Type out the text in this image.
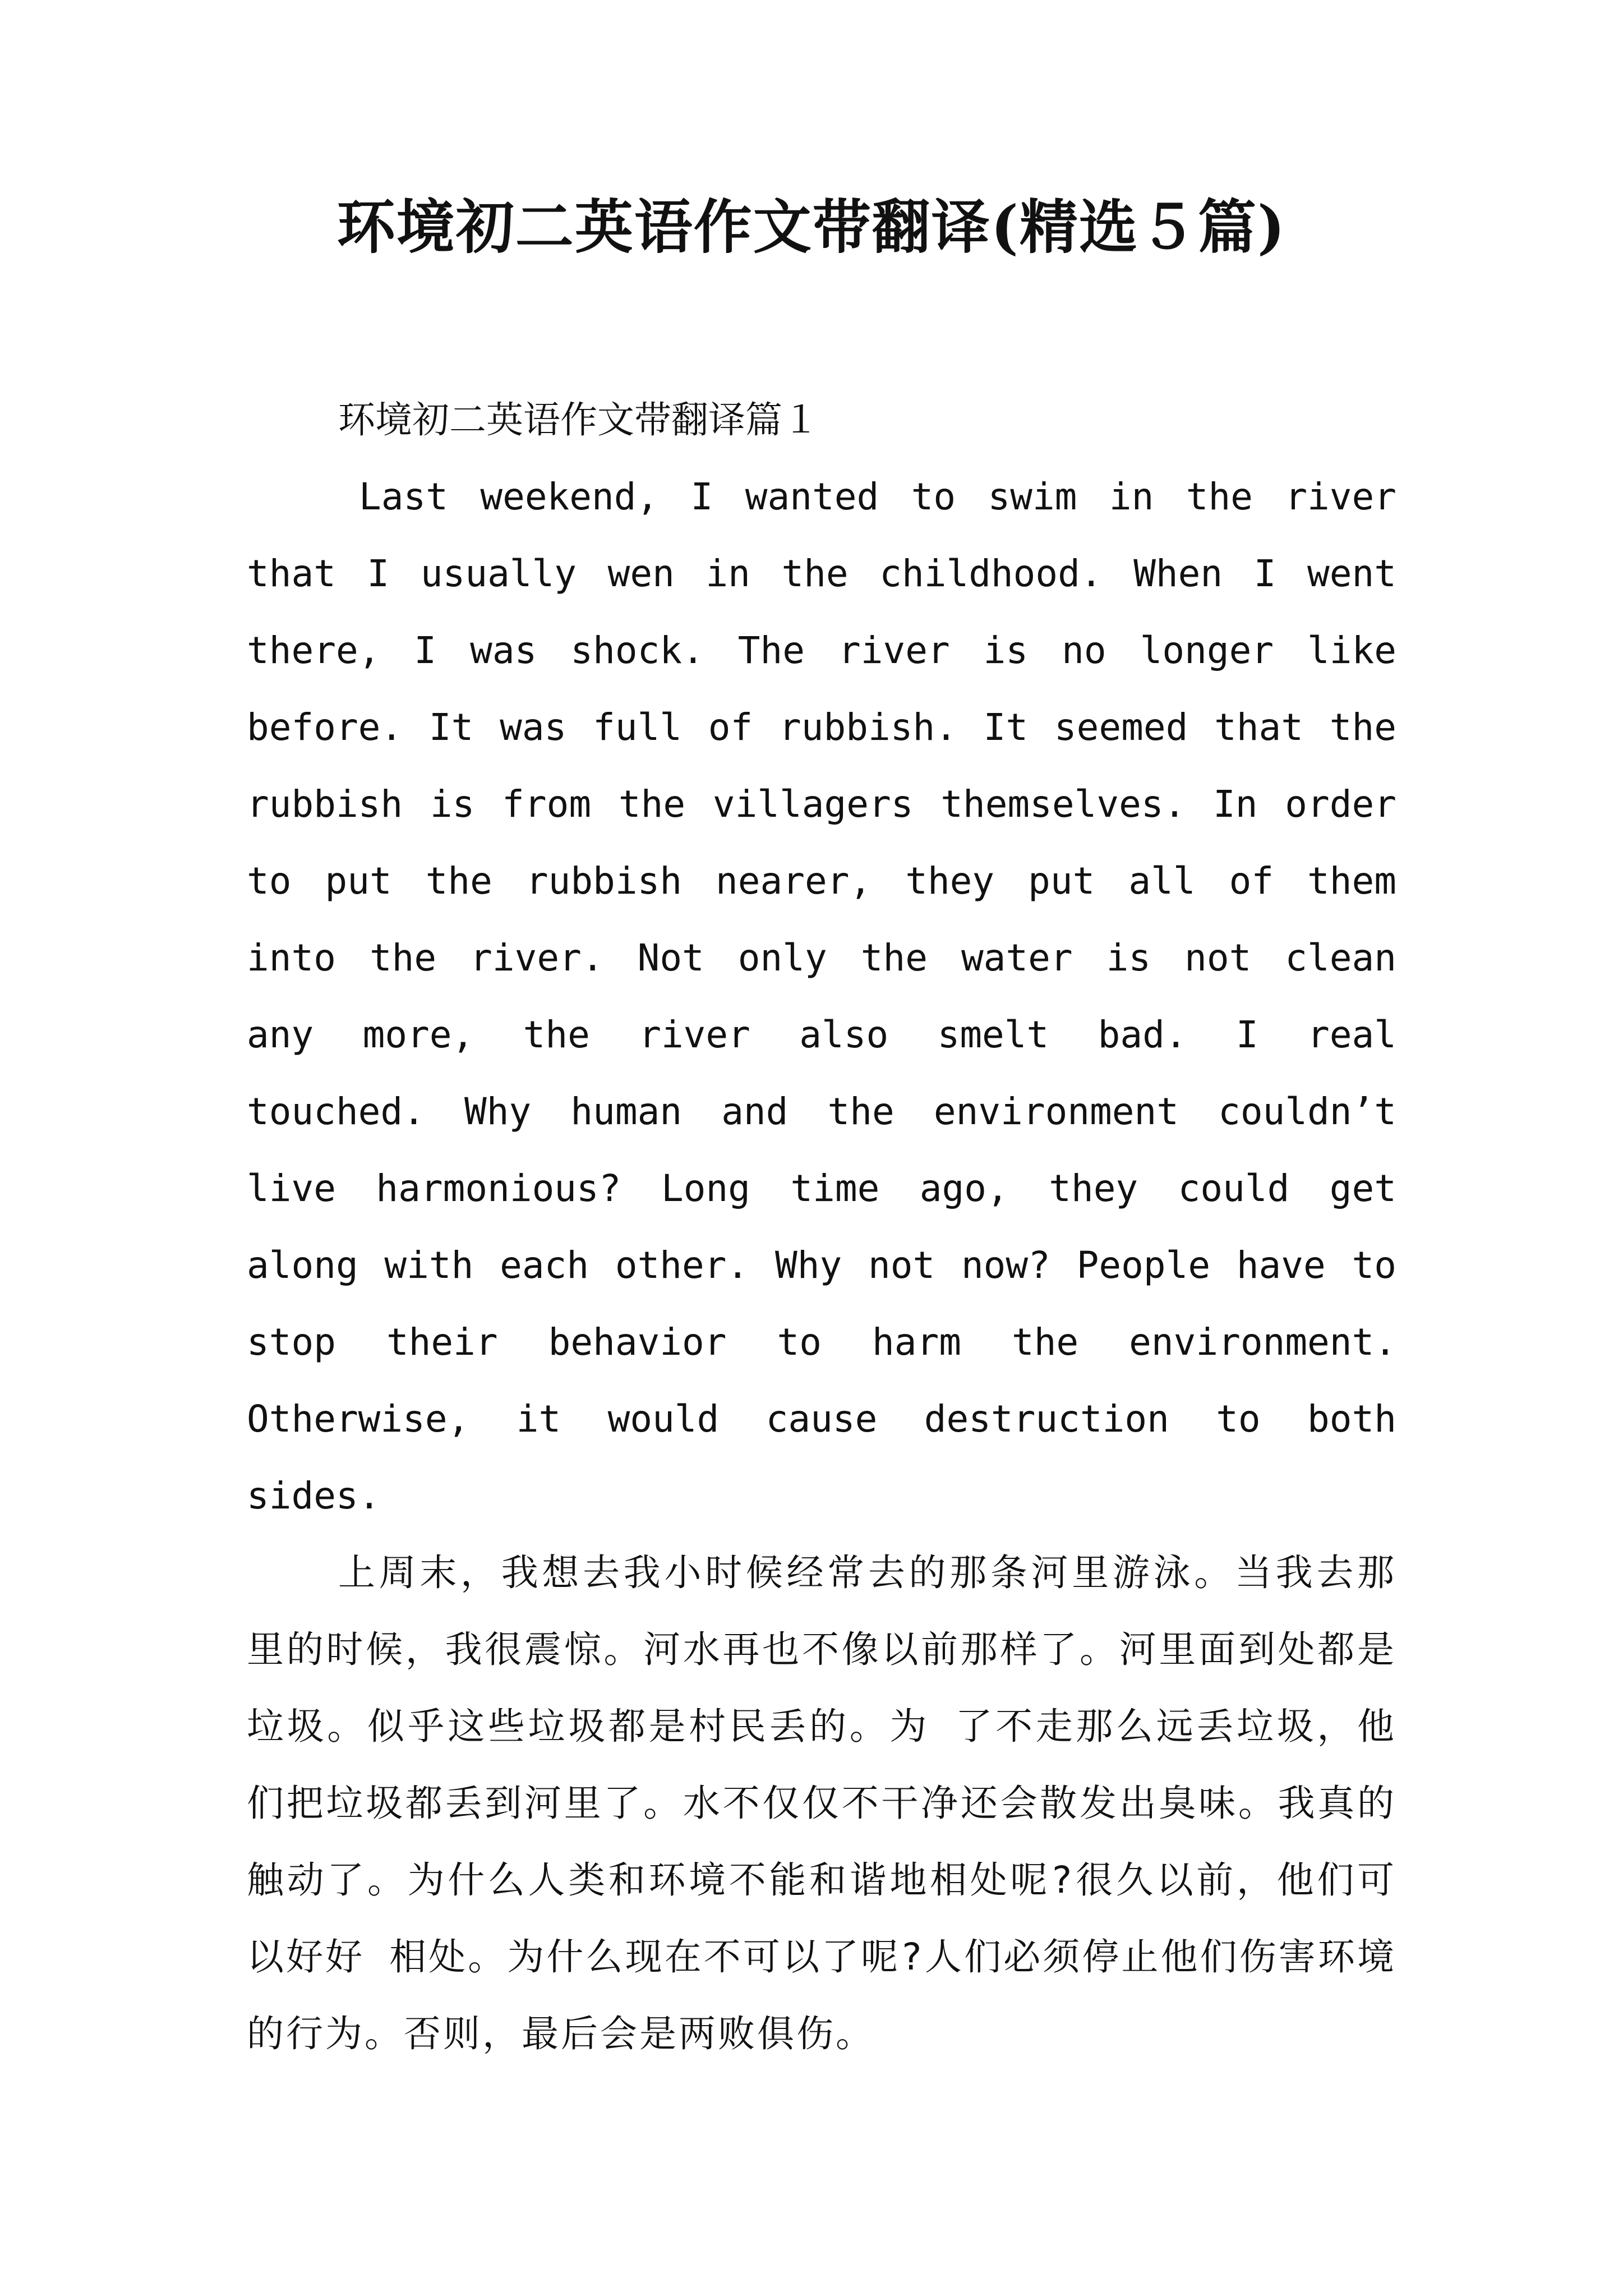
环境初二英语作文带翻译(精选５篇)

环境初二英语作文带翻译篇１

Last weekend, I wanted to swim in the river that I usually wen in the childhood. When I went there, I was shock. The river is no longer like before. It was full of rubbish. It seemed that the rubbish is from the villagers themselves. In order to put the rubbish nearer, they put all of them into the river. Not only the water is not clean any more, the river also smelt bad. I real touched. Why human and the environment couldn’t live harmonious? Long time ago, they could get along with each other. Why not now? People have to stop their behavior to harm the environment. Otherwise, it would cause destruction to both sides.

上周末，我想去我小时候经常去的那条河里游泳。当我去那里的时候，我很震惊。河水再也不像以前那样了。河里面到处都是垃圾。似乎这些垃圾都是村民丢的。为 了不走那么远丢垃圾，他们把垃圾都丢到河里了。水不仅仅不干净还会散发出臭味。我真的触动了。为什么人类和环境不能和谐地相处呢?很久以前，他们可以好好 相处。为什么现在不可以了呢?人们必须停止他们伤害环境的行为。否则，最后会是两败俱伤。
